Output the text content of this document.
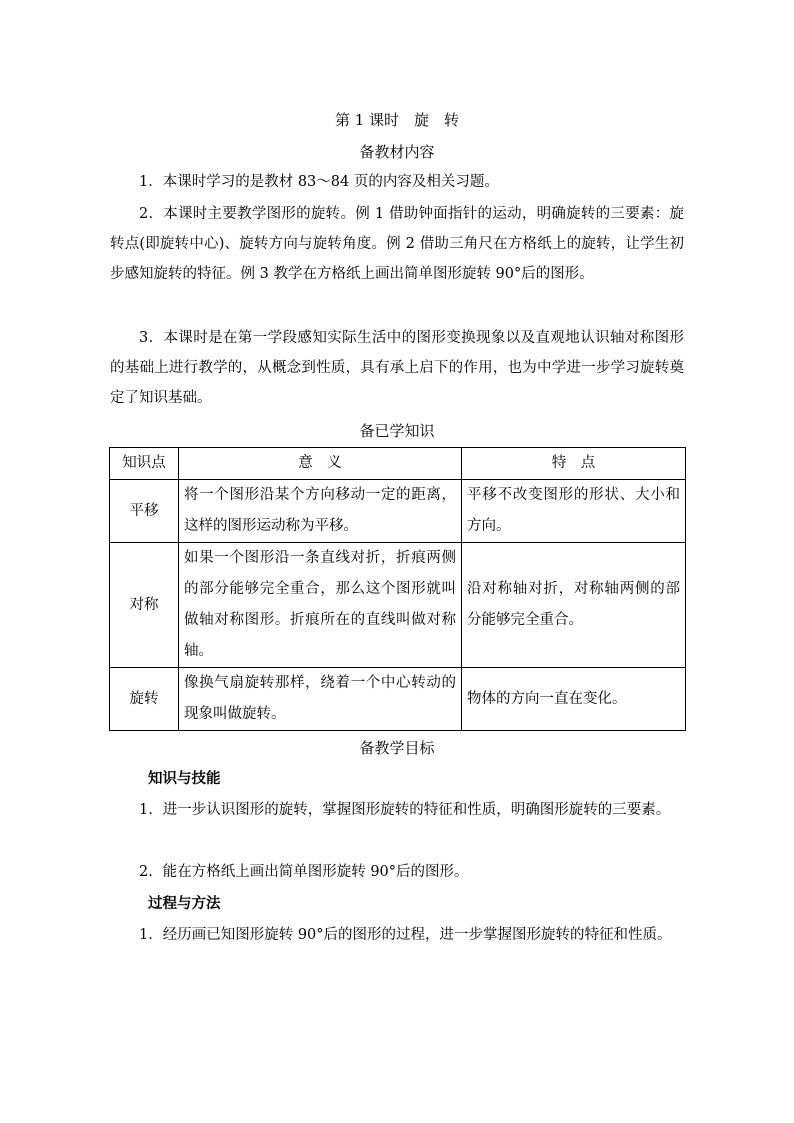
第 1 课时　旋　转
备教材内容
1．本课时学习的是教材 83～84 页的内容及相关习题。
2．本课时主要教学图形的旋转。例 1 借助钟面指针的运动，明确旋转的三要素：旋转点(即旋转中心)、旋转方向与旋转角度。例 2 借助三角尺在方格纸上的旋转，让学生初步感知旋转的特征。例 3 教学在方格纸上画出简单图形旋转 90°后的图形。
3．本课时是在第一学段感知实际生活中的图形变换现象以及直观地认识轴对称图形的基础上进行教学的，从概念到性质，具有承上启下的作用，也为中学进一步学习旋转奠定了知识基础。
备已学知识
知识点	意　义	特　点
平移	将一个图形沿某个方向移动一定的距离，这样的图形运动称为平移。	平移不改变图形的形状、大小和方向。
对称	如果一个图形沿一条直线对折，折痕两侧的部分能够完全重合，那么这个图形就叫做轴对称图形。折痕所在的直线叫做对称轴。	沿对称轴对折，对称轴两侧的部分能够完全重合。
旋转	像换气扇旋转那样，绕着一个中心转动的现象叫做旋转。	物体的方向一直在变化。
备教学目标
知识与技能
1．进一步认识图形的旋转，掌握图形旋转的特征和性质，明确图形旋转的三要素。
2．能在方格纸上画出简单图形旋转 90°后的图形。
过程与方法
1．经历画已知图形旋转 90°后的图形的过程，进一步掌握图形旋转的特征和性质。
